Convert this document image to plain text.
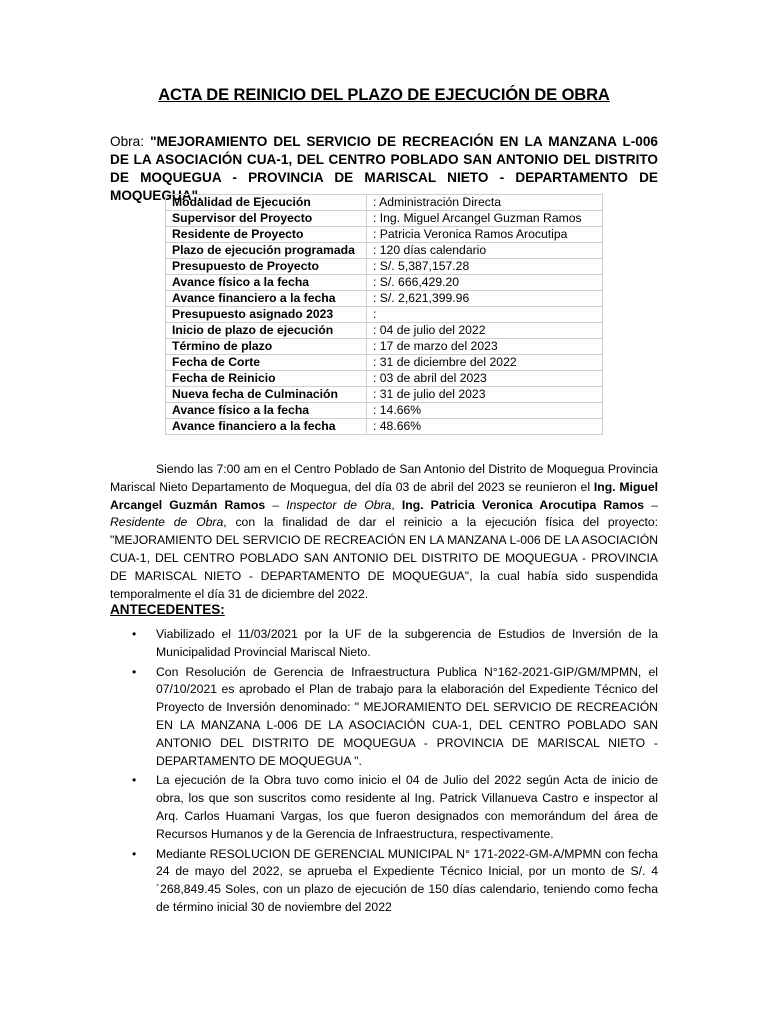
ACTA DE REINICIO DEL PLAZO DE EJECUCIÓN DE OBRA
Obra: "MEJORAMIENTO DEL SERVICIO DE RECREACIÓN EN LA MANZANA L-006 DE LA ASOCIACIÓN CUA-1, DEL CENTRO POBLADO SAN ANTONIO DEL DISTRITO DE MOQUEGUA - PROVINCIA DE MARISCAL NIETO - DEPARTAMENTO DE MOQUEGUA".
Modalidad de Ejecución	: Administración Directa
Supervisor del Proyecto	: Ing. Miguel Arcangel Guzman Ramos
Residente de Proyecto	: Patricia Veronica Ramos Arocutipa
Plazo de ejecución programada	: 120 días calendario
Presupuesto de Proyecto	: S/. 5,387,157.28
Avance físico a la fecha	: S/. 666,429.20
Avance financiero a la fecha	: S/. 2,621,399.96
Presupuesto asignado 2023	:
Inicio de plazo de ejecución	: 04 de julio del 2022
Término de plazo	: 17 de marzo del 2023
Fecha de Corte	: 31 de diciembre del 2022
Fecha de Reinicio	: 03 de abril del 2023
Nueva fecha de Culminación	: 31 de julio del 2023
Avance físico a la fecha	: 14.66%
Avance financiero a la fecha	: 48.66%
Siendo las 7:00 am en el Centro Poblado de San Antonio del Distrito de Moquegua Provincia Mariscal Nieto Departamento de Moquegua, del día 03 de abril del 2023 se reunieron el Ing. Miguel Arcangel Guzmán Ramos – Inspector de Obra, Ing. Patricia Veronica Arocutipa Ramos – Residente de Obra, con la finalidad de dar el reinicio a la ejecución física del proyecto: "MEJORAMIENTO DEL SERVICIO DE RECREACIÓN EN LA MANZANA L-006 DE LA ASOCIACIÓN CUA-1, DEL CENTRO POBLADO SAN ANTONIO DEL DISTRITO DE MOQUEGUA - PROVINCIA DE MARISCAL NIETO - DEPARTAMENTO DE MOQUEGUA", la cual había sido suspendida temporalmente el día 31 de diciembre del 2022.
ANTECEDENTES:
• Viabilizado el 11/03/2021 por la UF de la subgerencia de Estudios de Inversión de la Municipalidad Provincial Mariscal Nieto.
• Con Resolución de Gerencia de Infraestructura Publica N°162-2021-GIP/GM/MPMN, el 07/10/2021 es aprobado el Plan de trabajo para la elaboración del Expediente Técnico del Proyecto de Inversión denominado: " MEJORAMIENTO DEL SERVICIO DE RECREACIÓN EN LA MANZANA L-006 DE LA ASOCIACIÓN CUA-1, DEL CENTRO POBLADO SAN ANTONIO DEL DISTRITO DE MOQUEGUA - PROVINCIA DE MARISCAL NIETO - DEPARTAMENTO DE MOQUEGUA ".
• La ejecución de la Obra tuvo como inicio el 04 de Julio del 2022 según Acta de inicio de obra, los que son suscritos como residente al Ing. Patrick Villanueva Castro e inspector al Arq. Carlos Huamani Vargas, los que fueron designados con memorándum del área de Recursos Humanos y de la Gerencia de Infraestructura, respectivamente.
• Mediante RESOLUCION DE GERENCIAL MUNICIPAL N° 171-2022-GM-A/MPMN con fecha 24 de mayo del 2022, se aprueba el Expediente Técnico Inicial, por un monto de S/. 4´268,849.45 Soles, con un plazo de ejecución de 150 días calendario, teniendo como fecha de término inicial 30 de noviembre del 2022
